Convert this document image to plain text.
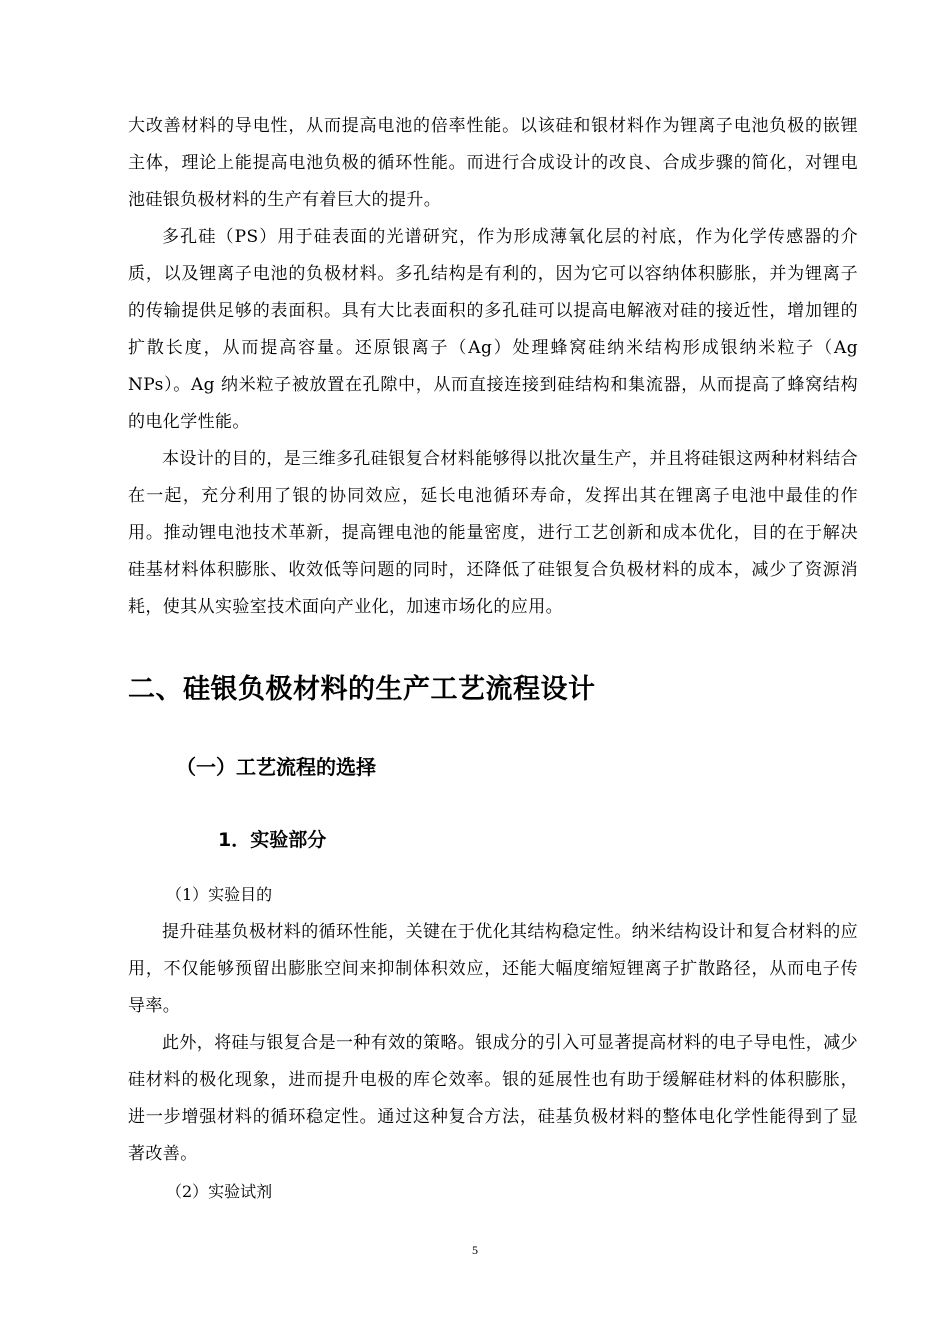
大改善材料的导电性，从而提高电池的倍率性能。以该硅和银材料作为锂离子电池负极的嵌锂主体，理论上能提高电池负极的循环性能。而进行合成设计的改良、合成步骤的简化，对锂电池硅银负极材料的生产有着巨大的提升。

多孔硅（PS）用于硅表面的光谱研究，作为形成薄氧化层的衬底，作为化学传感器的介质，以及锂离子电池的负极材料。多孔结构是有利的，因为它可以容纳体积膨胀，并为锂离子的传输提供足够的表面积。具有大比表面积的多孔硅可以提高电解液对硅的接近性，增加锂的扩散长度，从而提高容量。还原银离子（Ag）处理蜂窝硅纳米结构形成银纳米粒子（Ag NPs）。Ag 纳米粒子被放置在孔隙中，从而直接连接到硅结构和集流器，从而提高了蜂窝结构的电化学性能。

本设计的目的，是三维多孔硅银复合材料能够得以批次量生产，并且将硅银这两种材料结合在一起，充分利用了银的协同效应，延长电池循环寿命，发挥出其在锂离子电池中最佳的作用。推动锂电池技术革新，提高锂电池的能量密度，进行工艺创新和成本优化，目的在于解决硅基材料体积膨胀、收效低等问题的同时，还降低了硅银复合负极材料的成本，减少了资源消耗，使其从实验室技术面向产业化，加速市场化的应用。

二、硅银负极材料的生产工艺流程设计
（一）工艺流程的选择
1．实验部分
（1）实验目的

提升硅基负极材料的循环性能，关键在于优化其结构稳定性。纳米结构设计和复合材料的应用，不仅能够预留出膨胀空间来抑制体积效应，还能大幅度缩短锂离子扩散路径，从而电子传导率。

此外，将硅与银复合是一种有效的策略。银成分的引入可显著提高材料的电子导电性，减少硅材料的极化现象，进而提升电极的库仑效率。银的延展性也有助于缓解硅材料的体积膨胀，进一步增强材料的循环稳定性。通过这种复合方法，硅基负极材料的整体电化学性能得到了显著改善。

（2）实验试剂
5
